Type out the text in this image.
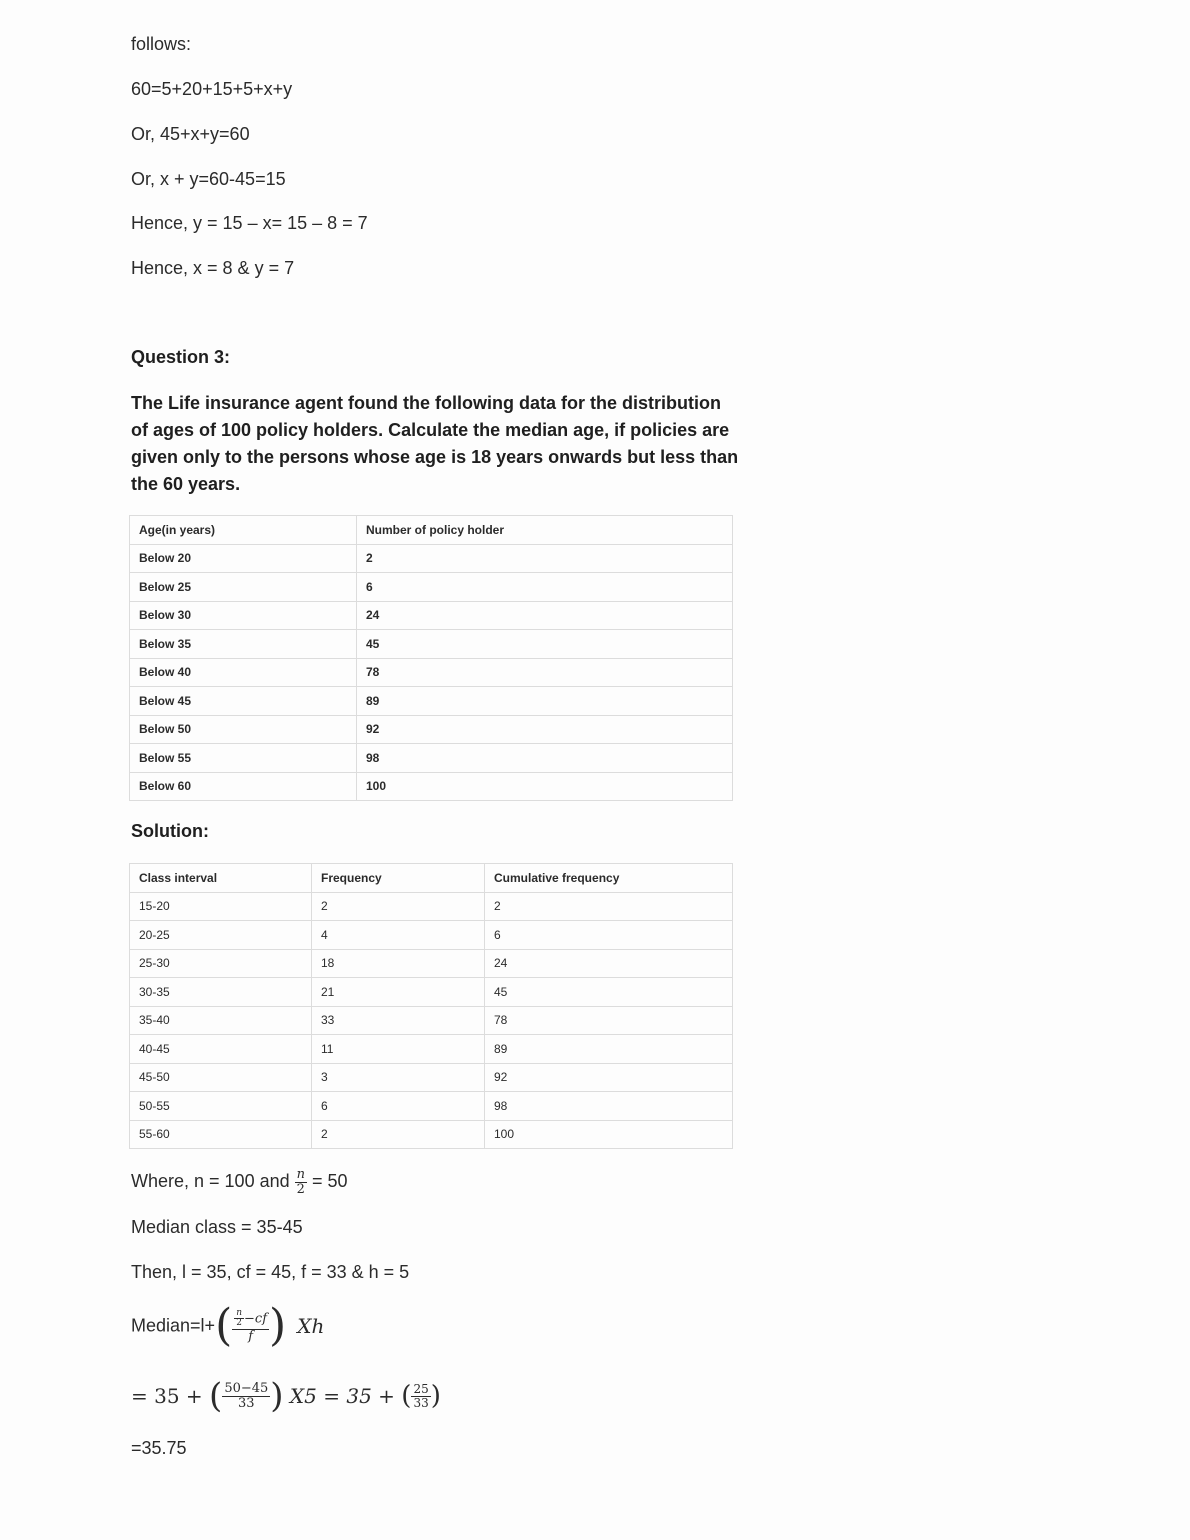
follows:
60=5+20+15+5+x+y
Or, 45+x+y=60
Or, x + y=60-45=15
Hence, y = 15 – x= 15 – 8 = 7
Hence, x = 8 & y = 7
Question 3:
The Life insurance agent found the following data for the distribution of ages of 100 policy holders. Calculate the median age, if policies are given only to the persons whose age is 18 years onwards but less than the 60 years.
Age(in years)	Number of policy holder
Below 20	2
Below 25	6
Below 30	24
Below 35	45
Below 40	78
Below 45	89
Below 50	92
Below 55	98
Below 60	100
Solution:
Class interval	Frequency	Cumulative frequency
15-20	2	2
20-25	4	6
25-30	18	24
30-35	21	45
35-40	33	78
40-45	11	89
45-50	3	92
50-55	6	98
55-60	2	100
Where, n = 100 and $\frac{n}{2} = 50$
Median class = 35-45
Then, l = 35, cf = 45, f = 33 & h = 5
Median=l+( $\frac{\frac{n}{2} -cf}{f}$ ) Xh
= 35 + ( $\frac{50-45}{33}$ ) X5 = 35 + ( $\frac{25}{33}$ )
=35.75
